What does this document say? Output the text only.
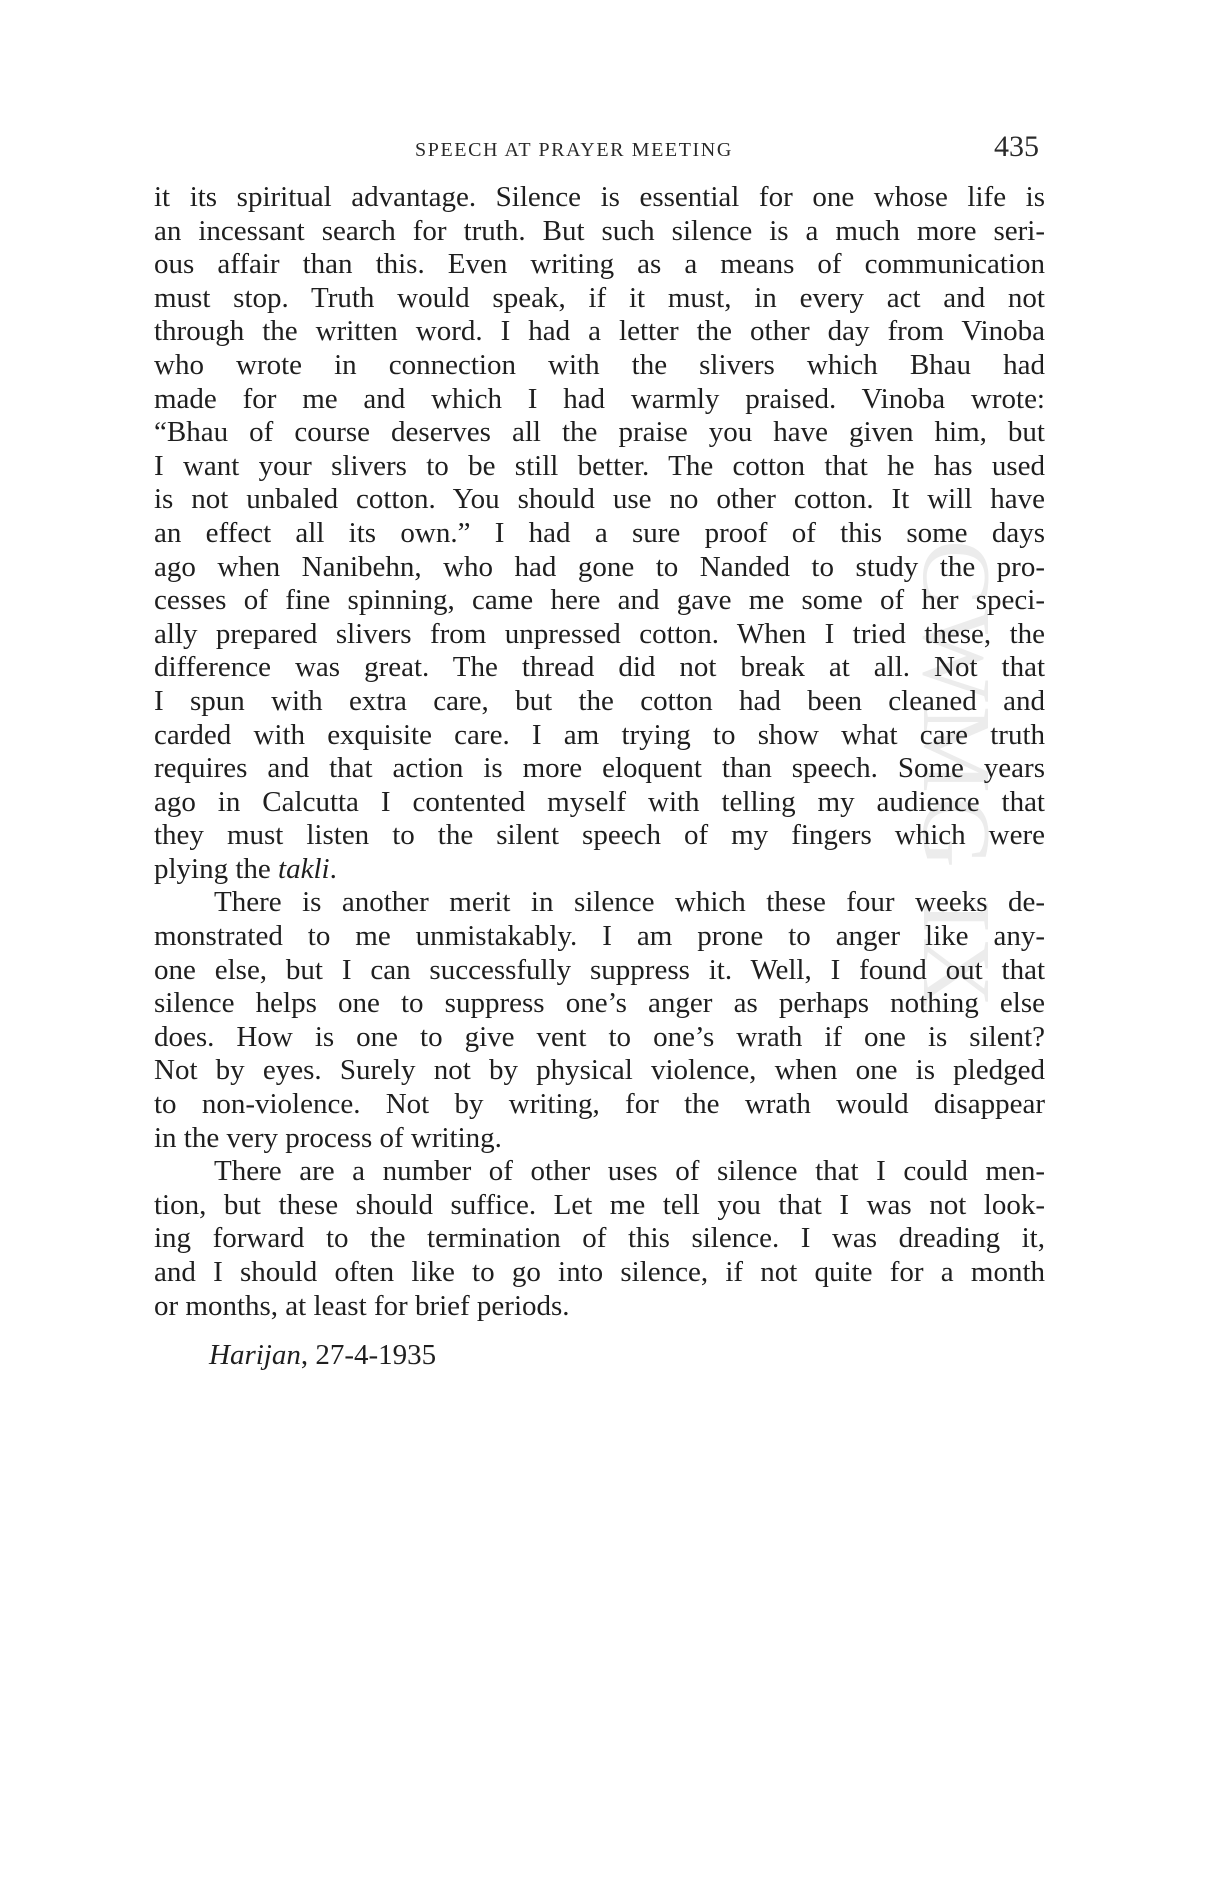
SPEECH AT PRAYER MEETING	435
CWMG IX
it its spiritual advantage. Silence is essential for one whose life is
an incessant search for truth. But such silence is a much more seri-
ous affair than this. Even writing as a means of communication
must stop. Truth would speak, if it must, in every act and not
through the written word. I had a letter the other day from Vinoba
who wrote in connection with the slivers which Bhau had
made for me and which I had warmly praised. Vinoba wrote:
“Bhau of course deserves all the praise you have given him, but
I want your slivers to be still better. The cotton that he has used
is not unbaled cotton. You should use no other cotton. It will have
an effect all its own.” I had a sure proof of this some days
ago when Nanibehn, who had gone to Nanded to study the pro-
cesses of fine spinning, came here and gave me some of her speci-
ally prepared slivers from unpressed cotton. When I tried these, the
difference was great. The thread did not break at all. Not that
I spun with extra care, but the cotton had been cleaned and
carded with exquisite care. I am trying to show what care truth
requires and that action is more eloquent than speech. Some years
ago in Calcutta I contented myself with telling my audience that
they must listen to the silent speech of my fingers which were
plying the takli.
There is another merit in silence which these four weeks de-
monstrated to me unmistakably. I am prone to anger like any-
one else, but I can successfully suppress it. Well, I found out that
silence helps one to suppress one’s anger as perhaps nothing else
does. How is one to give vent to one’s wrath if one is silent?
Not by eyes. Surely not by physical violence, when one is pledged
to non-violence. Not by writing, for the wrath would disappear
in the very process of writing.
There are a number of other uses of silence that I could men-
tion, but these should suffice. Let me tell you that I was not look-
ing forward to the termination of this silence. I was dreading it,
and I should often like to go into silence, if not quite for a month
or months, at least for brief periods.
Harijan, 27-4-1935
